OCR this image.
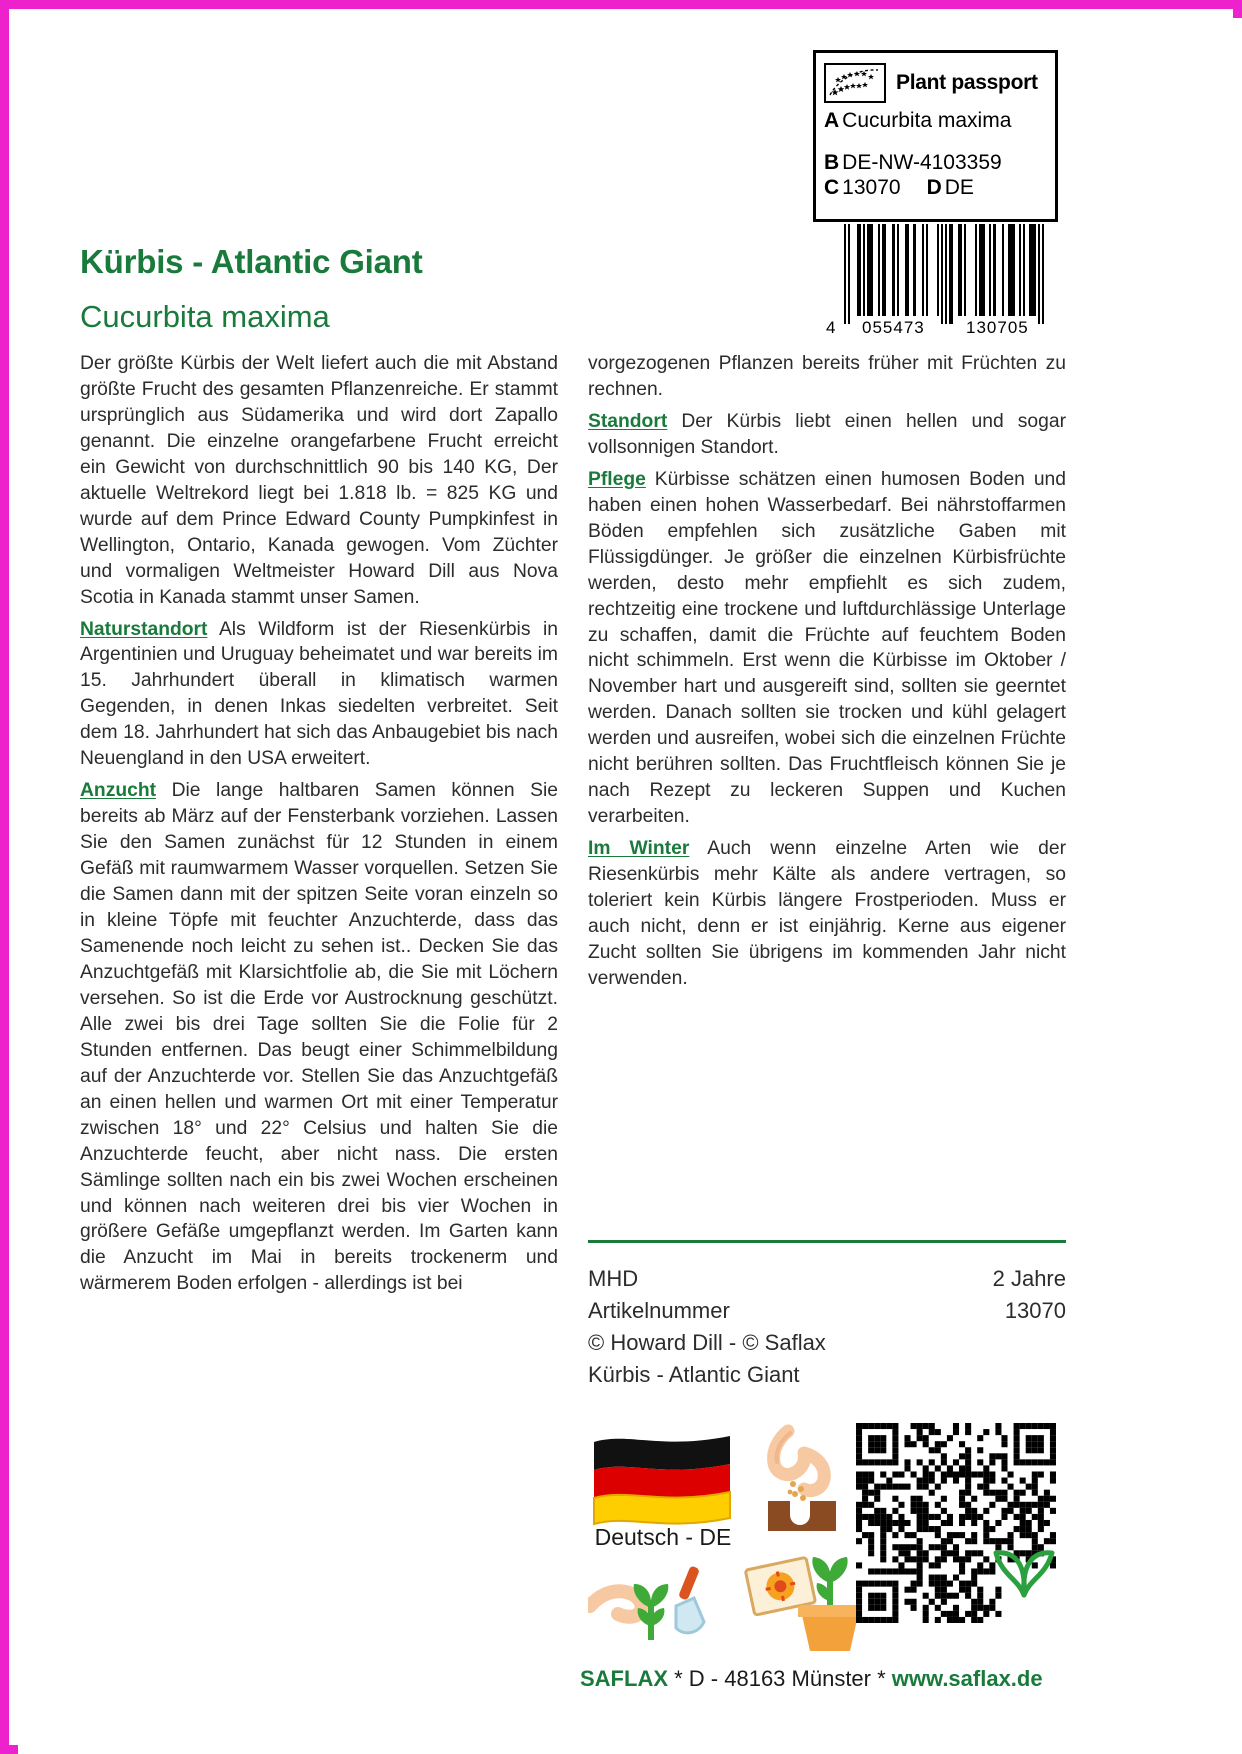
Plant passport
A Cucurbita maxima
B DE-NW-4103359
C 13070 D DE
4 055473 130705
Kürbis - Atlantic Giant
Cucurbita maxima

Der größte Kürbis der Welt liefert auch die mit Abstand größte Frucht des gesamten Pflanzenreiche. Er stammt ursprünglich aus Südamerika und wird dort Zapallo genannt. Die einzelne orangefarbene Frucht erreicht ein Gewicht von durchschnittlich 90 bis 140 KG, Der aktuelle Weltrekord liegt bei 1.818 lb. = 825 KG und wurde auf dem Prince Edward County Pumpkinfest in Wellington, Ontario, Kanada gewogen. Vom Züchter und vormaligen Weltmeister Howard Dill aus Nova Scotia in Kanada stammt unser Samen.

Naturstandort Als Wildform ist der Riesenkürbis in Argentinien und Uruguay beheimatet und war bereits im 15. Jahrhundert überall in klimatisch warmen Gegenden, in denen Inkas siedelten verbreitet. Seit dem 18. Jahrhundert hat sich das Anbaugebiet bis nach Neuengland in den USA erweitert.

Anzucht Die lange haltbaren Samen können Sie bereits ab März auf der Fensterbank vorziehen. Lassen Sie den Samen zunächst für 12 Stunden in einem Gefäß mit raumwarmem Wasser vorquellen. Setzen Sie die Samen dann mit der spitzen Seite voran einzeln so in kleine Töpfe mit feuchter Anzuchterde, dass das Samenende noch leicht zu sehen ist.. Decken Sie das Anzuchtgefäß mit Klarsichtfolie ab, die Sie mit Löchern versehen. So ist die Erde vor Austrocknung geschützt. Alle zwei bis drei Tage sollten Sie die Folie für 2 Stunden entfernen. Das beugt einer Schimmelbildung auf der Anzuchterde vor. Stellen Sie das Anzuchtgefäß an einen hellen und warmen Ort mit einer Temperatur zwischen 18° und 22° Celsius und halten Sie die Anzuchterde feucht, aber nicht nass. Die ersten Sämlinge sollten nach ein bis zwei Wochen erscheinen und können nach weiteren drei bis vier Wochen in größere Gefäße umgepflanzt werden. Im Garten kann die Anzucht im Mai in bereits trockenerm und wärmerem Boden erfolgen - allerdings ist bei

vorgezogenen Pflanzen bereits früher mit Früchten zu rechnen.

Standort Der Kürbis liebt einen hellen und sogar vollsonnigen Standort.

Pflege Kürbisse schätzen einen humosen Boden und haben einen hohen Wasserbedarf. Bei nährstoffarmen Böden empfehlen sich zusätzliche Gaben mit Flüssigdünger. Je größer die einzelnen Kürbisfrüchte werden, desto mehr empfiehlt es sich zudem, rechtzeitig eine trockene und luftdurchlässige Unterlage zu schaffen, damit die Früchte auf feuchtem Boden nicht schimmeln. Erst wenn die Kürbisse im Oktober / November hart und ausgereift sind, sollten sie geerntet werden. Danach sollten sie trocken und kühl gelagert werden und ausreifen, wobei sich die einzelnen Früchte nicht berühren sollten. Das Fruchtfleisch können Sie je nach Rezept zu leckeren Suppen und Kuchen verarbeiten.

Im Winter Auch wenn einzelne Arten wie der Riesenkürbis mehr Kälte als andere vertragen, so toleriert kein Kürbis längere Frostperioden. Muss er auch nicht, denn er ist einjährig. Kerne aus eigener Zucht sollten Sie übrigens im kommenden Jahr nicht verwenden.

MHD	2 Jahre
Artikelnummer	13070
© Howard Dill - © Saflax
Kürbis - Atlantic Giant
Deutsch - DE
SAFLAX * D - 48163 Münster * www.saflax.de
